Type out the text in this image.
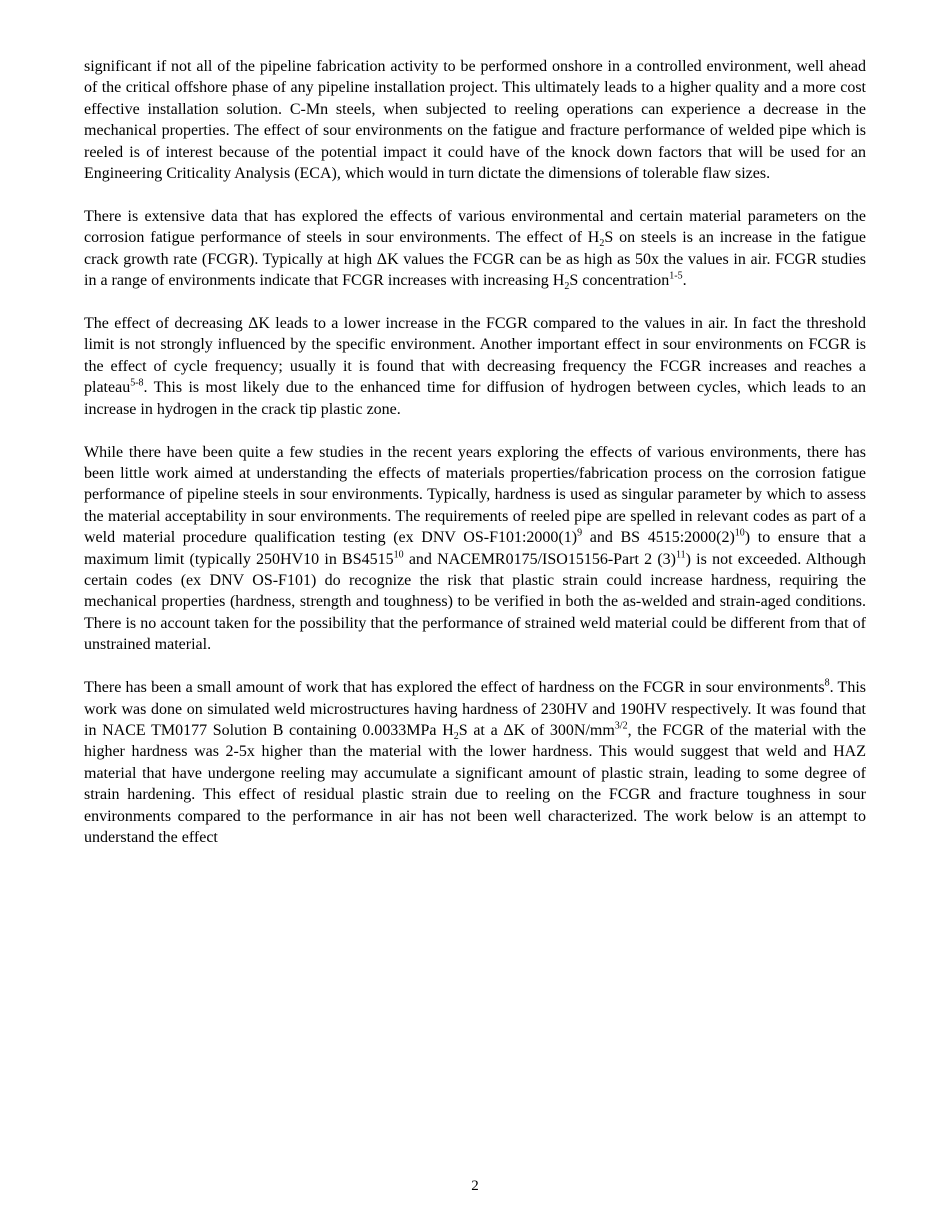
significant if not all of the pipeline fabrication activity to be performed onshore in a controlled environment, well ahead of the critical offshore phase of any pipeline installation project. This ultimately leads to a higher quality and a more cost effective installation solution. C-Mn steels, when subjected to reeling operations can experience a decrease in the mechanical properties. The effect of sour environments on the fatigue and fracture performance of welded pipe which is reeled is of interest because of the potential impact it could have of the knock down factors that will be used for an Engineering Criticality Analysis (ECA), which would in turn dictate the dimensions of tolerable flaw sizes.

There is extensive data that has explored the effects of various environmental and certain material parameters on the corrosion fatigue performance of steels in sour environments. The effect of $H_2S$ on steels is an increase in the fatigue crack growth rate (FCGR). Typically at high ΔK values the FCGR can be as high as 50x the values in air. FCGR studies in a range of environments indicate that FCGR increases with increasing $H_2S$ concentration$^{1-5}$.

The effect of decreasing ΔK leads to a lower increase in the FCGR compared to the values in air. In fact the threshold limit is not strongly influenced by the specific environment. Another important effect in sour environments on FCGR is the effect of cycle frequency; usually it is found that with decreasing frequency the FCGR increases and reaches a plateau$^{5-8}$. This is most likely due to the enhanced time for diffusion of hydrogen between cycles, which leads to an increase in hydrogen in the crack tip plastic zone.

While there have been quite a few studies in the recent years exploring the effects of various environments, there has been little work aimed at understanding the effects of materials properties/fabrication process on the corrosion fatigue performance of pipeline steels in sour environments. Typically, hardness is used as singular parameter by which to assess the material acceptability in sour environments. The requirements of reeled pipe are spelled in relevant codes as part of a weld material procedure qualification testing (ex DNV $OS-F101:2000(1)^9$ and BS $4515:2000(2)^{10}$) to ensure that a maximum limit (typically 250HV10 in BS4515$^{10}$ and NACEMR0175/ISO15156-Part 2 $(3)^{11}$) is not exceeded. Although certain codes (ex DNV OS-F101) do recognize the risk that plastic strain could increase hardness, requiring the mechanical properties (hardness, strength and toughness) to be verified in both the as-welded and strain-aged conditions. There is no account taken for the possibility that the performance of strained weld material could be different from that of unstrained material.

There has been a small amount of work that has explored the effect of hardness on the FCGR in sour environments$^8$. This work was done on simulated weld microstructures having hardness of 230HV and 190HV respectively. It was found that in NACE TM0177 Solution B containing 0.0033MPa $H_2S$ at a ΔK of $300N/mm^{3/2}$, the FCGR of the material with the higher hardness was 2-5x higher than the material with the lower hardness. This would suggest that weld and HAZ material that have undergone reeling may accumulate a significant amount of plastic strain, leading to some degree of strain hardening. This effect of residual plastic strain due to reeling on the FCGR and fracture toughness in sour environments compared to the performance in air has not been well characterized. The work below is an attempt to understand the effect

2
